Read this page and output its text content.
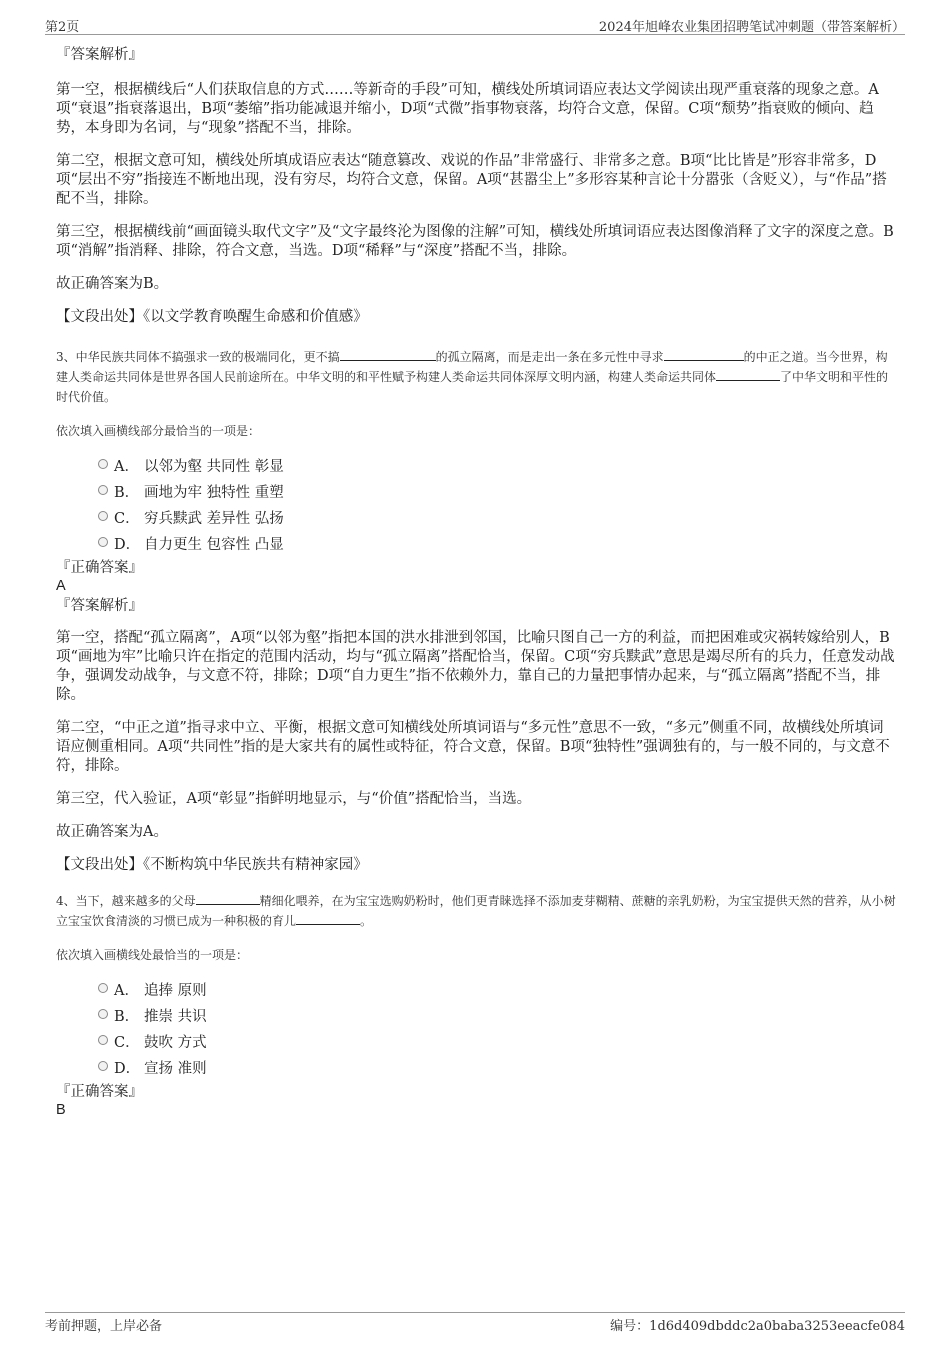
第2页	2024年旭峰农业集团招聘笔试冲刺题（带答案解析）

『答案解析』

第一空，根据横线后“人们获取信息的方式……等新奇的手段”可知，横线处所填词语应表达文学阅读出现严重衰落的现象之意。A项“衰退”指衰落退出，B项“萎缩”指功能减退并缩小，D项“式微”指事物衰落，均符合文意，保留。C项“颓势”指衰败的倾向、趋势，本身即为名词，与“现象”搭配不当，排除。

第二空，根据文意可知，横线处所填成语应表达“随意篡改、戏说的作品”非常盛行、非常多之意。B项“比比皆是”形容非常多，D项“层出不穷”指接连不断地出现，没有穷尽，均符合文意，保留。A项“甚嚣尘上”多形容某种言论十分嚣张（含贬义），与“作品”搭配不当，排除。

第三空，根据横线前“画面镜头取代文字”及“文字最终沦为图像的注解”可知，横线处所填词语应表达图像消释了文字的深度之意。B项“消解”指消释、排除，符合文意，当选。D项“稀释”与“深度”搭配不当，排除。

故正确答案为B。

【文段出处】《以文学教育唤醒生命感和价值感》

3、中华民族共同体不搞强求一致的极端同化，更不搞	的孤立隔离，而是走出一条在多元性中寻求	的中正之道。当今世界，构建人类命运共同体是世界各国人民前途所在。中华文明的和平性赋予构建人类命运共同体深厚文明内涵，构建人类命运共同体	了中华文明和平性的时代价值。

依次填入画横线部分最恰当的一项是：

A． 以邻为壑 共同性 彰显
B． 画地为牢 独特性 重塑
C． 穷兵黩武 差异性 弘扬
D． 自力更生 包容性 凸显

『正确答案』

A

『答案解析』

第一空，搭配“孤立隔离”，A项“以邻为壑”指把本国的洪水排泄到邻国，比喻只图自己一方的利益，而把困难或灾祸转嫁给别人，B项“画地为牢”比喻只许在指定的范围内活动，均与“孤立隔离”搭配恰当，保留。C项“穷兵黩武”意思是竭尽所有的兵力，任意发动战争，强调发动战争，与文意不符，排除；D项“自力更生”指不依赖外力，靠自己的力量把事情办起来，与“孤立隔离”搭配不当，排除。

第二空，“中正之道”指寻求中立、平衡，根据文意可知横线处所填词语与“多元性”意思不一致，“多元”侧重不同，故横线处所填词语应侧重相同。A项“共同性”指的是大家共有的属性或特征，符合文意，保留。B项“独特性”强调独有的，与一般不同的，与文意不符，排除。

第三空，代入验证，A项“彰显”指鲜明地显示，与“价值”搭配恰当，当选。

故正确答案为A。

【文段出处】《不断构筑中华民族共有精神家园》

4、当下，越来越多的父母	精细化喂养，在为宝宝选购奶粉时，他们更青睐选择不添加麦芽糊精、蔗糖的亲乳奶粉，为宝宝提供天然的营养，从小树立宝宝饮食清淡的习惯已成为一种积极的育儿	。

依次填入画横线处最恰当的一项是：

A． 追捧 原则
B． 推崇 共识
C． 鼓吹 方式
D． 宣扬 准则

『正确答案』

B

考前押题，上岸必备	编号：1d6d409dbddc2a0baba3253eeacfe084
